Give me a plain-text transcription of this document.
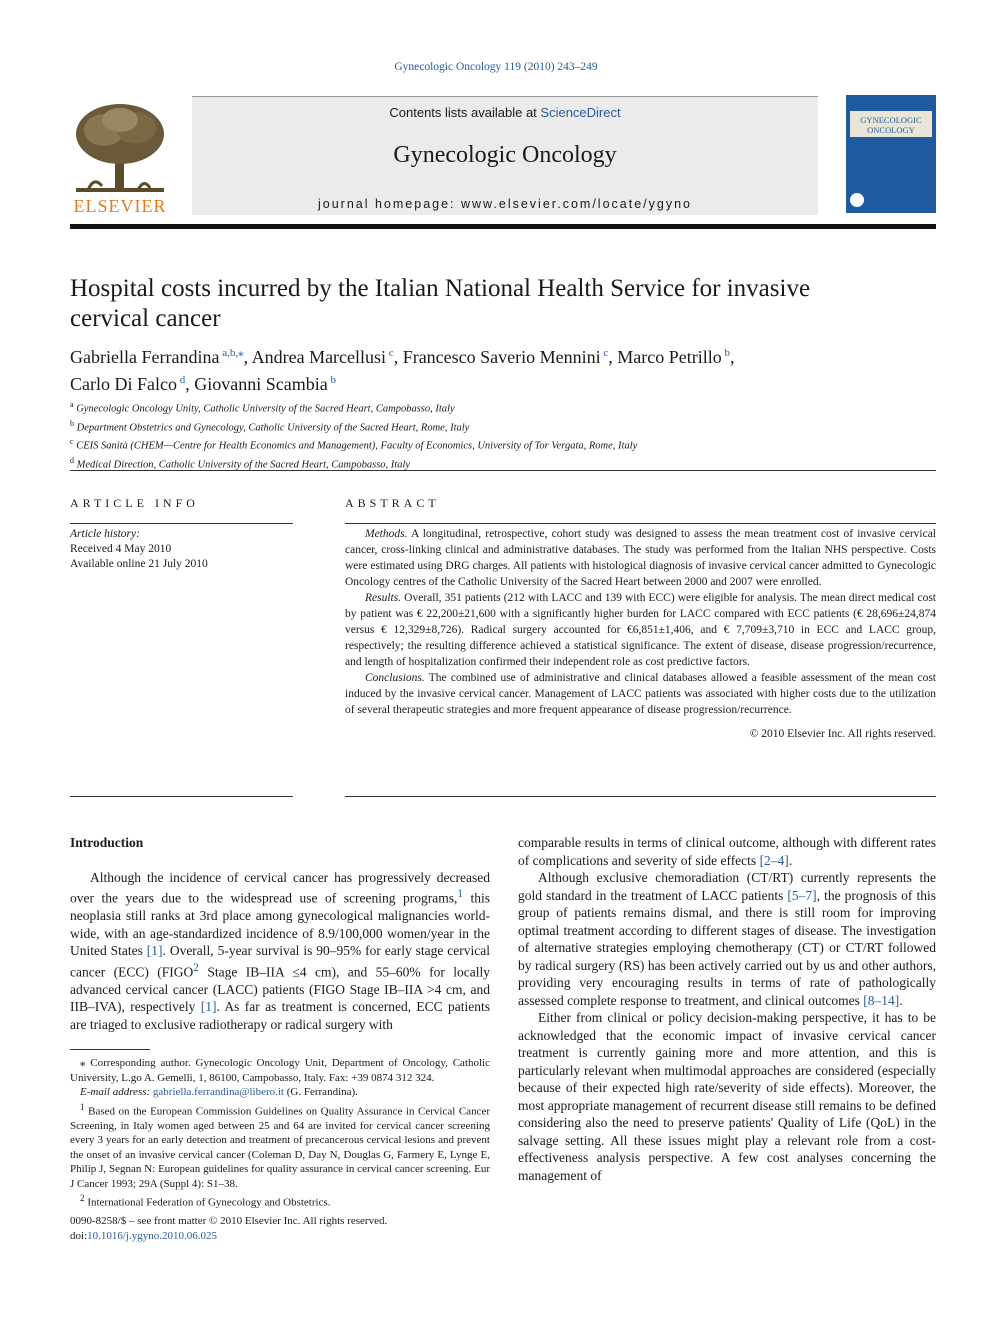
Gynecologic Oncology 119 (2010) 243–249
ELSEVIER
Contents lists available at ScienceDirect
Gynecologic Oncology
journal homepage: www.elsevier.com/locate/ygyno
GYNECOLOGIC
ONCOLOGY
Hospital costs incurred by the Italian National Health Service for invasive cervical cancer
Gabriella Ferrandina $^{a,b,⁎}$, Andrea Marcellusi $^c$, Francesco Saverio Mennini $^c$, Marco Petrillo $^b$,
Carlo Di Falco $^d$, Giovanni Scambia $^b$
$^a$ Gynecologic Oncology Unity, Catholic University of the Sacred Heart, Campobasso, Italy
$^b$ Department Obstetrics and Gynecology, Catholic University of the Sacred Heart, Rome, Italy
$^c$ CEIS Sanità (CHEM—Centre for Health Economics and Management), Faculty of Economics, University of Tor Vergata, Rome, Italy
$^d$ Medical Direction, Catholic University of the Sacred Heart, Campobasso, Italy
ARTICLE INFO
Article history:
Received 4 May 2010
Available online 21 July 2010
ABSTRACT

Methods. A longitudinal, retrospective, cohort study was designed to assess the mean treatment cost of invasive cervical cancer, cross-linking clinical and administrative databases. The study was performed from the Italian NHS perspective. Costs were estimated using DRG charges. All patients with histological diagnosis of invasive cervical cancer admitted to Gynecologic Oncology centres of the Catholic University of the Sacred Heart between 2000 and 2007 were enrolled.

Results. Overall, 351 patients (212 with LACC and 139 with ECC) were eligible for analysis. The mean direct medical cost by patient was € 22,200±21,600 with a significantly higher burden for LACC compared with ECC patients (€ 28,696±24,874 versus € 12,329±8,726). Radical surgery accounted for €6,851±1,406, and € 7,709±3,710 in ECC and LACC group, respectively; the resulting difference achieved a statistical significance. The extent of disease, disease progression/recurrence, and length of hospitalization confirmed their independent role as cost predictive factors.

Conclusions. The combined use of administrative and clinical databases allowed a feasible assessment of the mean cost induced by the invasive cervical cancer. Management of LACC patients was associated with higher costs due to the utilization of several therapeutic strategies and more frequent appearance of disease progression/recurrence.

© 2010 Elsevier Inc. All rights reserved.

Introduction

Although the incidence of cervical cancer has progressively decreased over the years due to the widespread use of screening programs,$^1$ this neoplasia still ranks at 3rd place among gynecological malignancies world-wide, with an age-standardized incidence of 8.9/100,000 women/year in the United States [1]. Overall, 5-year survival is 90–95% for early stage cervical cancer (ECC) (FIGO$^2$ Stage IB–IIA ≤4 cm), and 55–60% for locally advanced cervical cancer (LACC) patients (FIGO Stage IB–IIA >4 cm, and IIB–IVA), respectively [1]. As far as treatment is concerned, ECC patients are triaged to exclusive radiotherapy or radical surgery with

comparable results in terms of clinical outcome, although with different rates of complications and severity of side effects [2–4].

Although exclusive chemoradiation (CT/RT) currently represents the gold standard in the treatment of LACC patients [5–7], the prognosis of this group of patients remains dismal, and there is still room for improving optimal treatment according to different stages of disease. The investigation of alternative strategies employing chemotherapy (CT) or CT/RT followed by radical surgery (RS) has been actively carried out by us and other authors, providing very encouraging results in terms of rate of pathologically assessed complete response to treatment, and clinical outcomes [8–14].

Either from clinical or policy decision-making perspective, it has to be acknowledged that the economic impact of invasive cervical cancer treatment is currently gaining more and more attention, and this is particularly relevant when multimodal approaches are considered (especially because of their expected high rate/severity of side effects). Moreover, the most appropriate management of recurrent disease still remains to be defined considering also the need to preserve patients' Quality of Life (QoL) in the salvage setting. All these issues might play a relevant role from a cost-effectiveness analysis perspective. A few cost analyses concerning the management of

⁎ Corresponding author. Gynecologic Oncology Unit, Department of Oncology, Catholic University, L.go A. Gemelli, 1, 86100, Campobasso, Italy. Fax: +39 0874 312 324.

E-mail address: gabriella.ferrandina@libero.it (G. Ferrandina).

$^1$ Based on the European Commission Guidelines on Quality Assurance in Cervical Cancer Screening, in Italy women aged between 25 and 64 are invited for cervical cancer screening every 3 years for an early detection and treatment of precancerous cervical lesions and prevent the onset of an invasive cervical cancer (Coleman D, Day N, Douglas G, Farmery E, Lynge E, Philip J, Segnan N: European guidelines for quality assurance in cervical cancer screening. Eur J Cancer 1993; 29A (Suppl 4): S1–38.

$^2$ International Federation of Gynecology and Obstetrics.

0090-8258/$ – see front matter © 2010 Elsevier Inc. All rights reserved.
doi:10.1016/j.ygyno.2010.06.025
